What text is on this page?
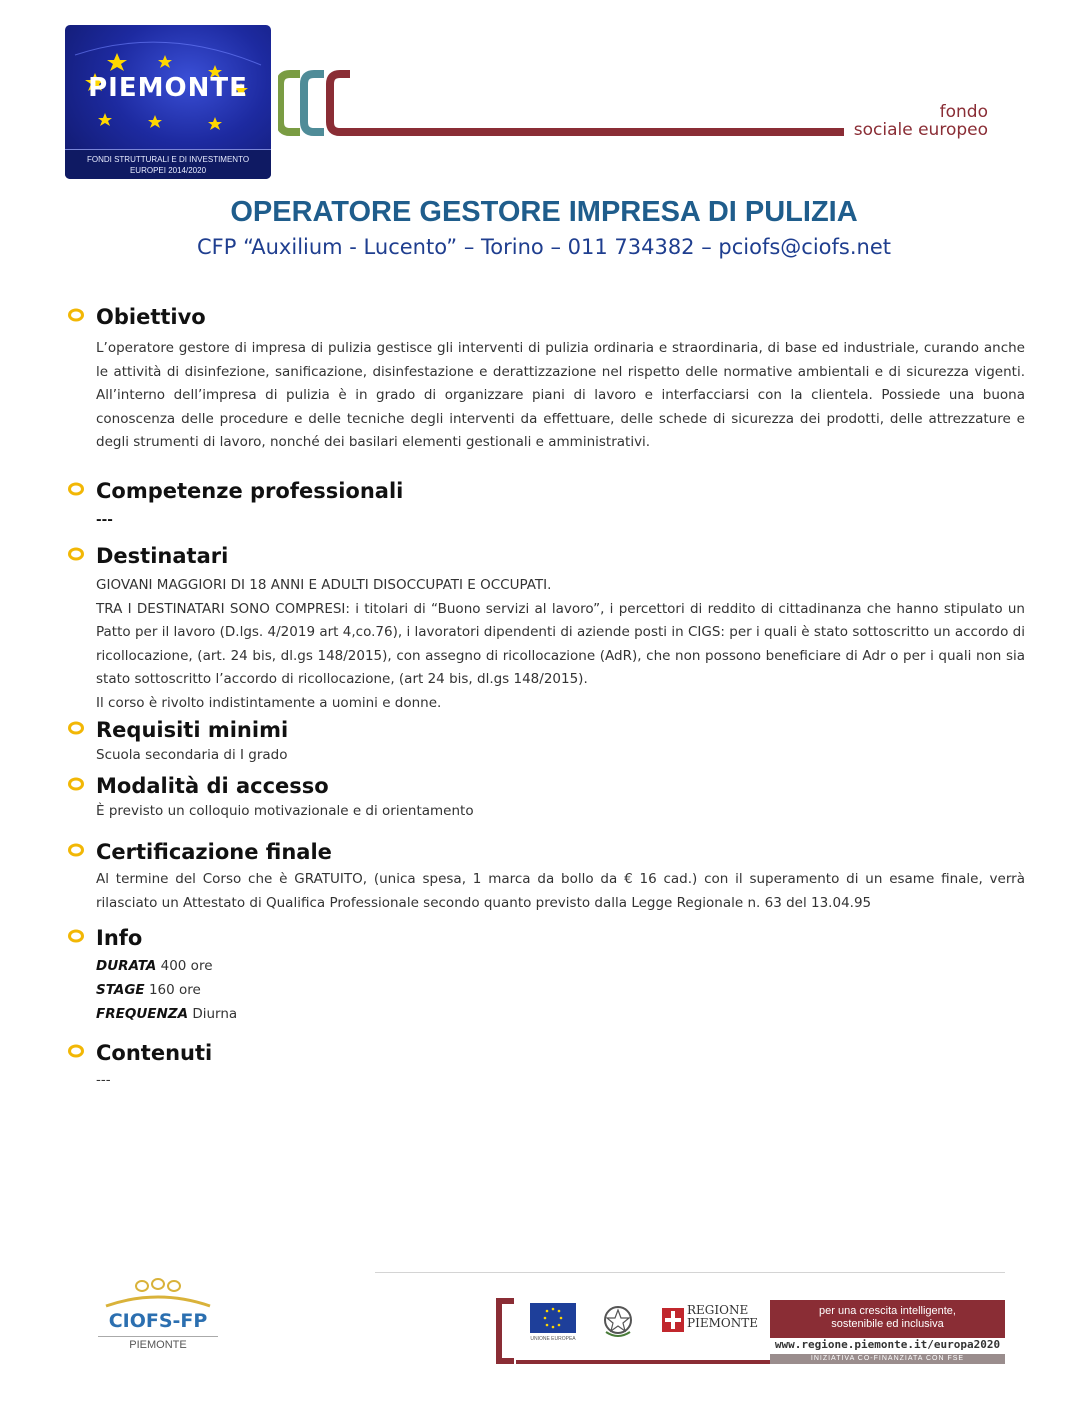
PIEMONTE
FONDI STRUTTURALI E DI INVESTIMENTO
EUROPEI 2014/2020
fondo
sociale europeo
OPERATORE GESTORE IMPRESA DI PULIZIA
CFP “Auxilium - Lucento” – Torino – 011 734382 – pciofs@ciofs.net
Obiettivo
L’operatore gestore di impresa di pulizia gestisce gli interventi di pulizia ordinaria e straordinaria, di base ed industriale, curando anche le attività di disinfezione, sanificazione, disinfestazione e derattizzazione nel rispetto delle normative ambientali e di sicurezza vigenti. All’interno dell’impresa di pulizia è in grado di organizzare piani di lavoro e interfacciarsi con la clientela. Possiede una buona conoscenza delle procedure e delle tecniche degli interventi da effettuare, delle schede di sicurezza dei prodotti, delle attrezzature e degli strumenti di lavoro, nonché dei basilari elementi gestionali e amministrativi.
Competenze professionali
---
Destinatari
GIOVANI MAGGIORI DI 18 ANNI E ADULTI DISOCCUPATI E OCCUPATI.
TRA I DESTINATARI SONO COMPRESI: i titolari di “Buono servizi al lavoro”, i percettori di reddito di cittadinanza che hanno stipulato un Patto per il lavoro (D.lgs. 4/2019 art 4,co.76), i lavoratori dipendenti di aziende posti in CIGS: per i quali è stato sottoscritto un accordo di ricollocazione, (art. 24 bis, dl.gs 148/2015), con assegno di ricollocazione (AdR), che non possono beneficiare di Adr o per i quali non sia stato sottoscritto l’accordo di ricollocazione, (art 24 bis, dl.gs 148/2015).
Il corso è rivolto indistintamente a uomini e donne.
Requisiti minimi
Scuola secondaria di I grado
Modalità di accesso
È previsto un colloquio motivazionale e di orientamento
Certificazione finale
Al termine del Corso che è GRATUITO, (unica spesa, 1 marca da bollo da € 16 cad.) con il superamento di un esame finale, verrà rilasciato un Attestato di Qualifica Professionale secondo quanto previsto dalla Legge Regionale n. 63 del 13.04.95
Info
DURATA 400 ore
STAGE 160 ore
FREQUENZA Diurna
Contenuti
---
CIOFS-FP
PIEMONTE	UNIONE EUROPEA
REGIONE
PIEMONTE
per una crescita intelligente,
sostenibile ed inclusiva
www.regione.piemonte.it/europa2020
INIZIATIVA CO-FINANZIATA CON FSE
